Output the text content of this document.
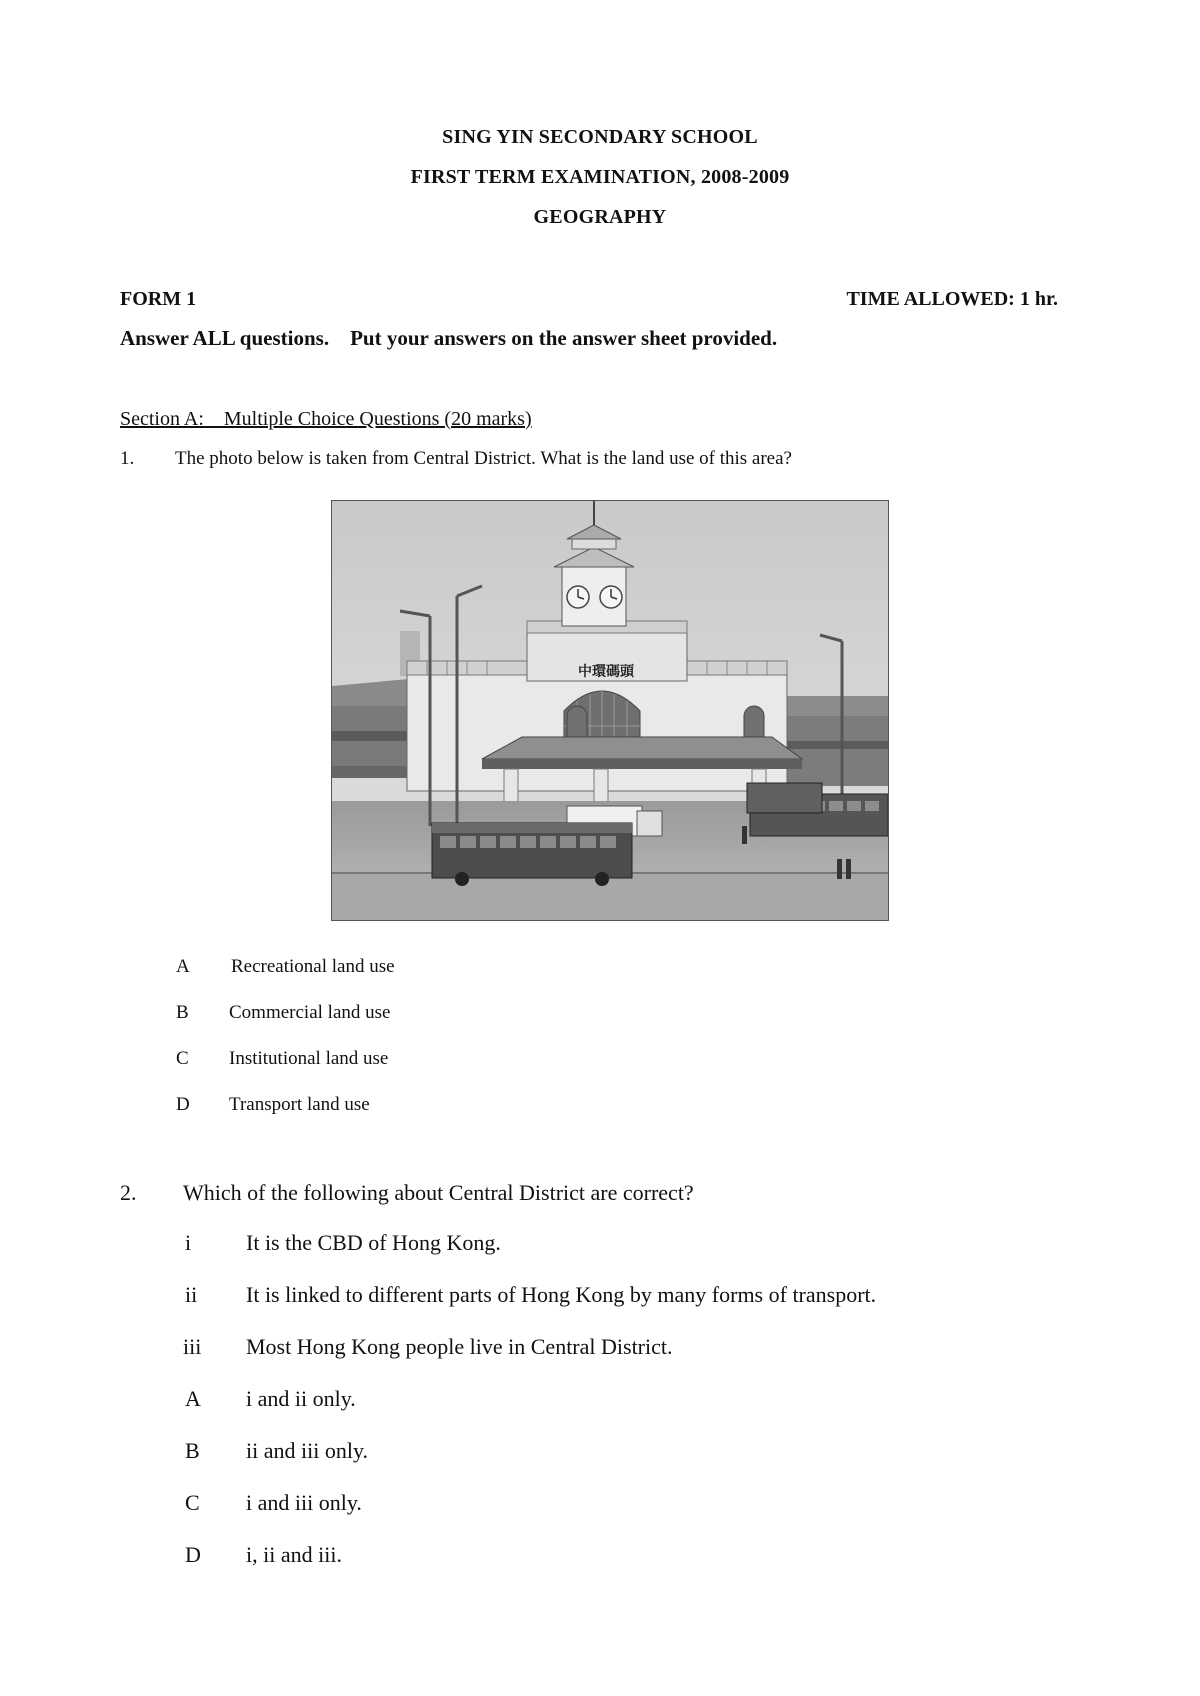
SING YIN SECONDARY SCHOOL
FIRST TERM EXAMINATION, 2008-2009
GEOGRAPHY
FORM 1	TIME ALLOWED: 1 hr.
Answer ALL questions.    Put your answers on the answer sheet provided.
Section A:    Multiple Choice Questions (20 marks)
1. The photo below is taken from Central District. What is the land use of this area?
中環碼頭
A Recreational land use
B Commercial land use
C Institutional land use
D Transport land use
2. Which of the following about Central District are correct?
i It is the CBD of Hong Kong.
ii It is linked to different parts of Hong Kong by many forms of transport.
iii Most Hong Kong people live in Central District.
A i and ii only.
B ii and iii only.
C i and iii only.
D i, ii and iii.
